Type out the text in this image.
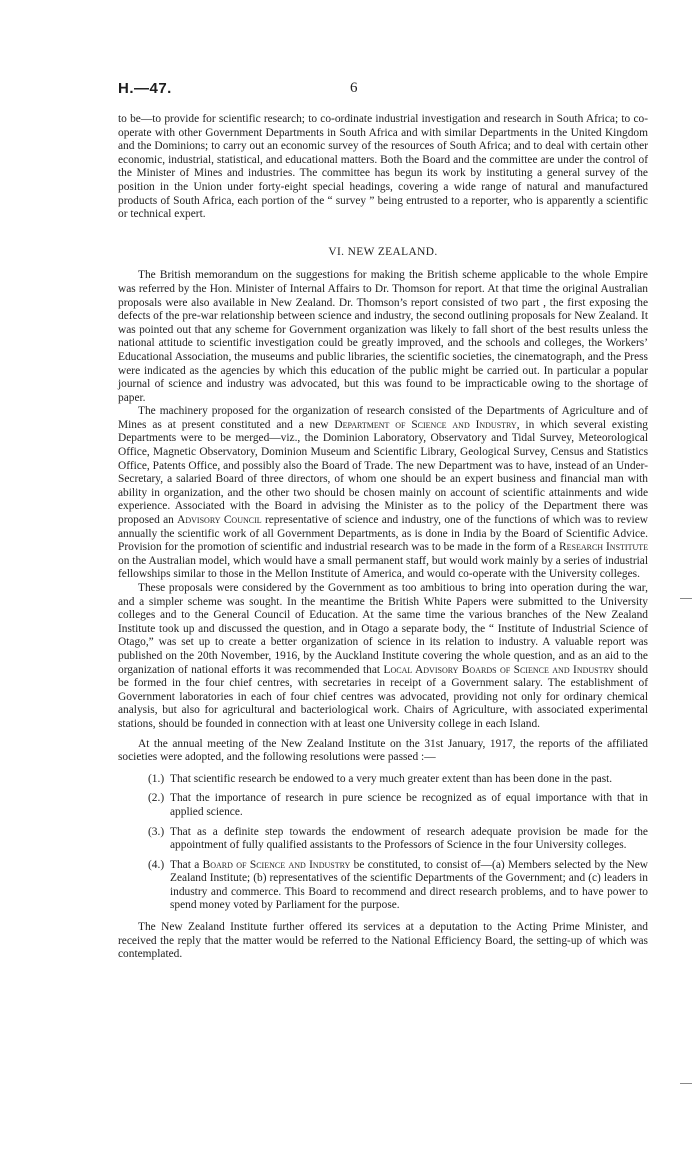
H.—47.	6

to be—to provide for scientific research; to co-ordinate industrial investigation and research in South Africa; to co-operate with other Government Departments in South Africa and with similar Departments in the United Kingdom and the Dominions; to carry out an economic survey of the resources of South Africa; and to deal with certain other economic, industrial, statistical, and educational matters. Both the Board and the committee are under the control of the Minister of Mines and industries. The committee has begun its work by instituting a general survey of the position in the Union under forty-eight special headings, covering a wide range of natural and manufactured products of South Africa, each portion of the “ survey ” being entrusted to a reporter, who is apparently a scientific or technical expert.

VI. NEW ZEALAND.

The British memorandum on the suggestions for making the British scheme applicable to the whole Empire was referred by the Hon. Minister of Internal Affairs to Dr. Thomson for report. At that time the original Australian proposals were also available in New Zealand. Dr. Thomson’s report consisted of two part , the first exposing the defects of the pre-war relationship between science and industry, the second outlining proposals for New Zealand. It was pointed out that any scheme for Government organization was likely to fall short of the best results unless the national attitude to scientific investigation could be greatly improved, and the schools and colleges, the Workers’ Educational Association, the museums and public libraries, the scientific societies, the cinematograph, and the Press were indicated as the agencies by which this education of the public might be carried out. In particular a popular journal of science and industry was advocated, but this was found to be impracticable owing to the shortage of paper.

The machinery proposed for the organization of research consisted of the Departments of Agriculture and of Mines as at present constituted and a new Department of Science and Industry, in which several existing Departments were to be merged—viz., the Dominion Laboratory, Observatory and Tidal Survey, Meteorological Office, Magnetic Observatory, Dominion Museum and Scientific Library, Geological Survey, Census and Statistics Office, Patents Office, and possibly also the Board of Trade. The new Department was to have, instead of an Under-Secretary, a salaried Board of three directors, of whom one should be an expert business and financial man with ability in organization, and the other two should be chosen mainly on account of scientific attainments and wide experience. Associated with the Board in advising the Minister as to the policy of the Department there was proposed an Advisory Council representative of science and industry, one of the functions of which was to review annually the scientific work of all Government Departments, as is done in India by the Board of Scientific Advice. Provision for the promotion of scientific and industrial research was to be made in the form of a Research Institute on the Australian model, which would have a small permanent staff, but would work mainly by a series of industrial fellowships similar to those in the Mellon Institute of America, and would co-operate with the University colleges.

These proposals were considered by the Government as too ambitious to bring into operation during the war, and a simpler scheme was sought. In the meantime the British White Papers were submitted to the University colleges and to the General Council of Education. At the same time the various branches of the New Zealand Institute took up and discussed the question, and in Otago a separate body, the “ Institute of Industrial Science of Otago,” was set up to create a better organization of science in its relation to industry. A valuable report was published on the 20th November, 1916, by the Auckland Institute covering the whole question, and as an aid to the organization of national efforts it was recommended that Local Advisory Boards of Science and Industry should be formed in the four chief centres, with secretaries in receipt of a Government salary. The establishment of Government laboratories in each of four chief centres was advocated, providing not only for ordinary chemical analysis, but also for agricultural and bacteriological work. Chairs of Agriculture, with associated experimental stations, should be founded in connection with at least one University college in each Island.

At the annual meeting of the New Zealand Institute on the 31st January, 1917, the reports of the affiliated societies were adopted, and the following resolutions were passed :—

(1.) That scientific research be endowed to a very much greater extent than has been done in the past.
(2.) That the importance of research in pure science be recognized as of equal importance with that in applied science.
(3.) That as a definite step towards the endowment of research adequate provision be made for the appointment of fully qualified assistants to the Professors of Science in the four University colleges.
(4.) That a Board of Science and Industry be constituted, to consist of—(a) Members selected by the New Zealand Institute; (b) representatives of the scientific Departments of the Government; and (c) leaders in industry and commerce. This Board to recommend and direct research problems, and to have power to spend money voted by Parliament for the purpose.

The New Zealand Institute further offered its services at a deputation to the Acting Prime Minister, and received the reply that the matter would be referred to the National Efficiency Board, the setting-up of which was contemplated.
